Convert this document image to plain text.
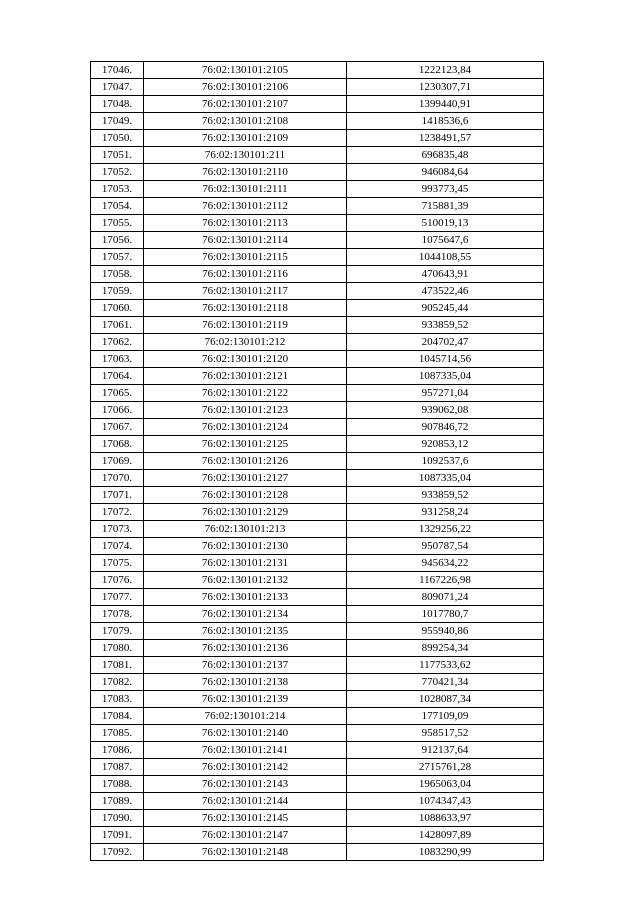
17046.	76:02:130101:2105	1222123,84
17047.	76:02:130101:2106	1230307,71
17048.	76:02:130101:2107	1399440,91
17049.	76:02:130101:2108	1418536,6
17050.	76:02:130101:2109	1238491,57
17051.	76:02:130101:211	696835,48
17052.	76:02:130101:2110	946084,64
17053.	76:02:130101:2111	993773,45
17054.	76:02:130101:2112	715881,39
17055.	76:02:130101:2113	510019,13
17056.	76:02:130101:2114	1075647,6
17057.	76:02:130101:2115	1044108,55
17058.	76:02:130101:2116	470643,91
17059.	76:02:130101:2117	473522,46
17060.	76:02:130101:2118	905245,44
17061.	76:02:130101:2119	933859,52
17062.	76:02:130101:212	204702,47
17063.	76:02:130101:2120	1045714,56
17064.	76:02:130101:2121	1087335,04
17065.	76:02:130101:2122	957271,04
17066.	76:02:130101:2123	939062,08
17067.	76:02:130101:2124	907846,72
17068.	76:02:130101:2125	920853,12
17069.	76:02:130101:2126	1092537,6
17070.	76:02:130101:2127	1087335,04
17071.	76:02:130101:2128	933859,52
17072.	76:02:130101:2129	931258,24
17073.	76:02:130101:213	1329256,22
17074.	76:02:130101:2130	950787,54
17075.	76:02:130101:2131	945634,22
17076.	76:02:130101:2132	1167226,98
17077.	76:02:130101:2133	809071,24
17078.	76:02:130101:2134	1017780,7
17079.	76:02:130101:2135	955940,86
17080.	76:02:130101:2136	899254,34
17081.	76:02:130101:2137	1177533,62
17082.	76:02:130101:2138	770421,34
17083.	76:02:130101:2139	1028087,34
17084.	76:02:130101:214	177109,09
17085.	76:02:130101:2140	958517,52
17086.	76:02:130101:2141	912137,64
17087.	76:02:130101:2142	2715761,28
17088.	76:02:130101:2143	1965063,04
17089.	76:02:130101:2144	1074347,43
17090.	76:02:130101:2145	1088633,97
17091.	76:02:130101:2147	1428097,89
17092.	76:02:130101:2148	1083290,99
